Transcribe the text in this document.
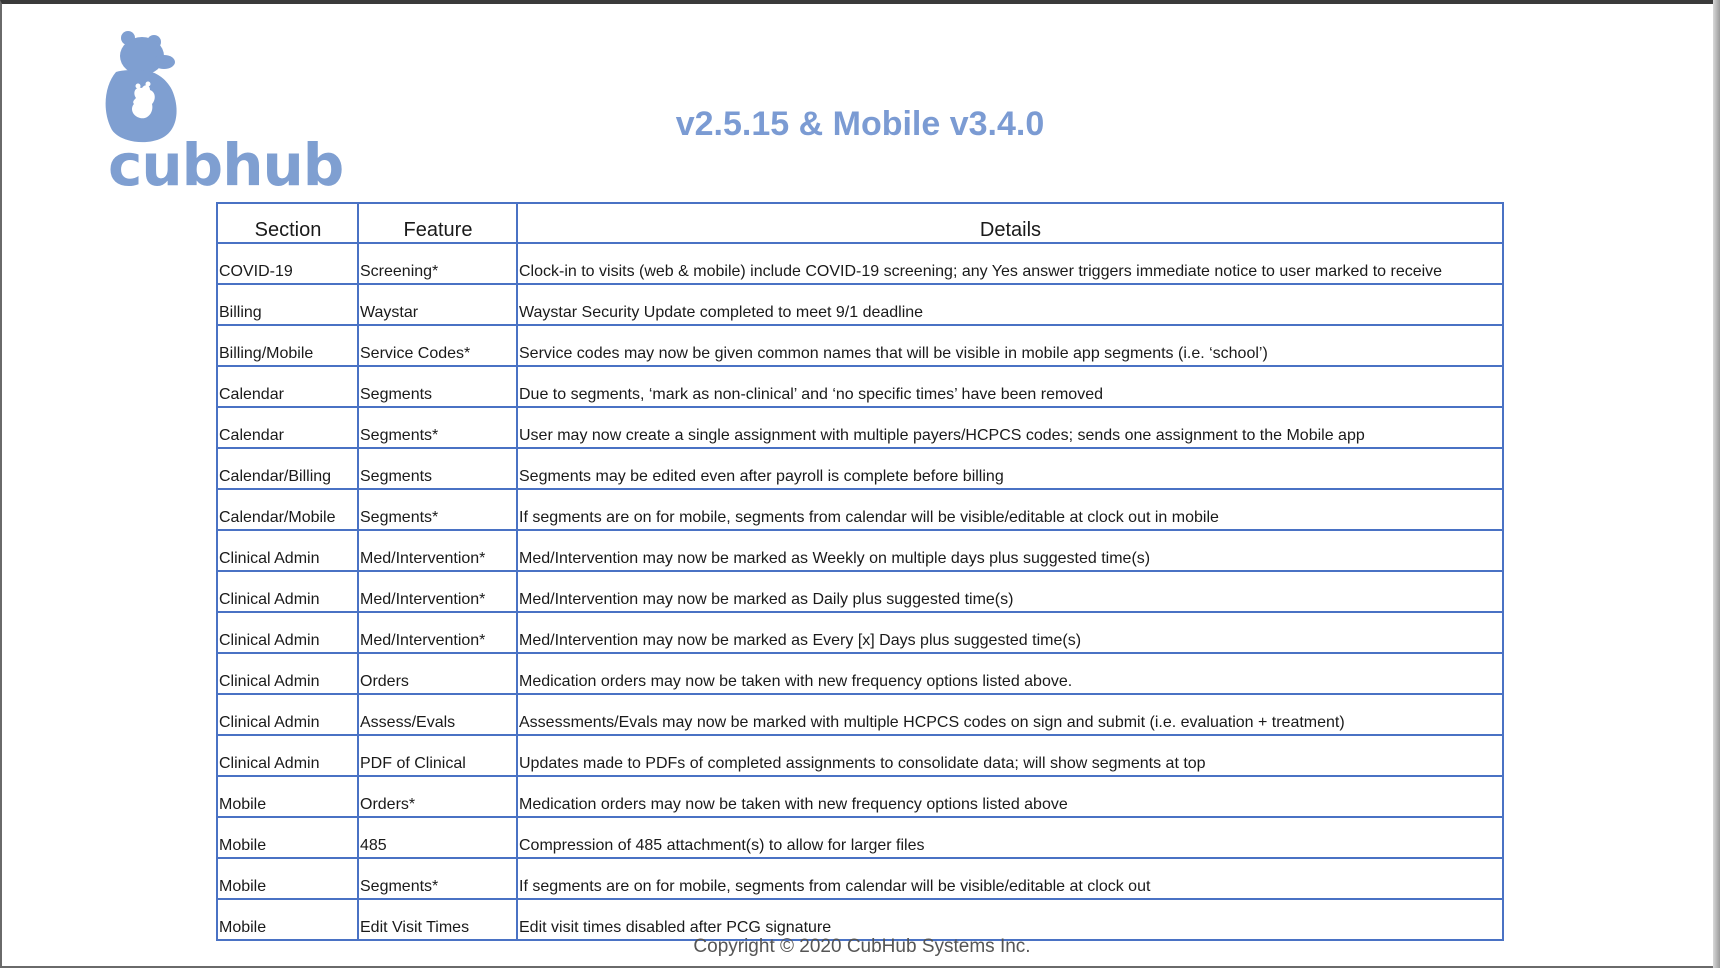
cubhub
v2.5.15 & Mobile v3.4.0
Section	Feature	Details
COVID-19	Screening*	Clock-in to visits (web & mobile) include COVID-19 screening; any Yes answer triggers immediate notice to user marked to receive
Billing	Waystar	Waystar Security Update completed to meet 9/1 deadline
Billing/Mobile	Service Codes*	Service codes may now be given common names that will be visible in mobile app segments (i.e. ‘school’)
Calendar	Segments	Due to segments, ‘mark as non-clinical’ and ‘no specific times’ have been removed
Calendar	Segments*	User may now create a single assignment with multiple payers/HCPCS codes; sends one assignment to the Mobile app
Calendar/Billing	Segments	Segments may be edited even after payroll is complete before billing
Calendar/Mobile	Segments*	If segments are on for mobile, segments from calendar will be visible/editable at clock out in mobile
Clinical Admin	Med/Intervention*	Med/Intervention may now be marked as Weekly on multiple days plus suggested time(s)
Clinical Admin	Med/Intervention*	Med/Intervention may now be marked as Daily plus suggested time(s)
Clinical Admin	Med/Intervention*	Med/Intervention may now be marked as Every [x] Days plus suggested time(s)
Clinical Admin	Orders	Medication orders may now be taken with new frequency options listed above.
Clinical Admin	Assess/Evals	Assessments/Evals may now be marked with multiple HCPCS codes on sign and submit (i.e. evaluation + treatment)
Clinical Admin	PDF of Clinical	Updates made to PDFs of completed assignments to consolidate data; will show segments at top
Mobile	Orders*	Medication orders may now be taken with new frequency options listed above
Mobile	485	Compression of 485 attachment(s) to allow for larger files
Mobile	Segments*	If segments are on for mobile, segments from calendar will be visible/editable at clock out
Mobile	Edit Visit Times	Edit visit times disabled after PCG signature
Copyright © 2020 CubHub Systems Inc.
